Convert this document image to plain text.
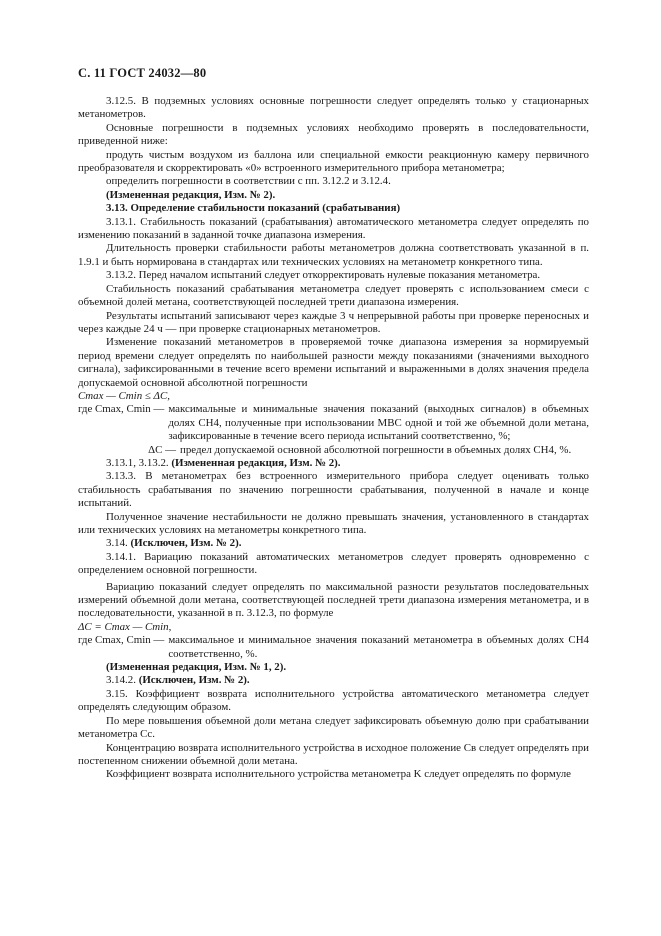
С. 11 ГОСТ 24032—80

3.12.5. В подземных условиях основные погрешности следует определять только у стационарных метанометров.

Основные погрешности в подземных условиях необходимо проверять в последовательности, приведенной ниже:

продуть чистым воздухом из баллона или специальной емкости реакционную камеру первичного преобразователя и скорректировать «0» встроенного измерительного прибора метанометра;

определить погрешности в соответствии с пп. 3.12.2 и 3.12.4.

(Измененная редакция, Изм. № 2).

3.13. Определение стабильности показаний (срабатывания)

3.13.1. Стабильность показаний (срабатывания) автоматического метанометра следует определять по изменению показаний в заданной точке диапазона измерения.

Длительность проверки стабильности работы метанометров должна соответствовать указанной в п. 1.9.1 и быть нормирована в стандартах или технических условиях на метанометр конкретного типа.

3.13.2. Перед началом испытаний следует откорректировать нулевые показания метанометра.

Стабильность показаний срабатывания метанометра следует проверять с использованием смеси с объемной долей метана, соответствующей последней трети диапазона измерения.

Результаты испытаний записывают через каждые 3 ч непрерывной работы при проверке переносных и через каждые 24 ч — при проверке стационарных метанометров.

Изменение показаний метанометров в проверяемой точке диапазона измерения за нормируемый период времени следует определять по наибольшей разности между показаниями (значениями выходного сигнала), зафиксированными в течение всего времени испытаний и выраженными в долях значения предела допускаемой основной абсолютной погрешности

Cmax — Cmin ≤ ΔC,

где Cmax, Cmin — максимальные и минимальные значения показаний (выходных сигналов) в объемных долях CH4, полученные при использовании МВС одной и той же объемной доли метана, зафиксированные в течение всего периода испытаний соответственно, %;
ΔC — предел допускаемой основной абсолютной погрешности в объемных долях CH4, %.

3.13.1, 3.13.2. (Измененная редакция, Изм. № 2).

3.13.3. В метанометрах без встроенного измерительного прибора следует оценивать только стабильность срабатывания по значению погрешности срабатывания, полученной в начале и конце испытаний.

Полученное значение нестабильности не должно превышать значения, установленного в стандартах или технических условиях на метанометры конкретного типа.

3.14. (Исключен, Изм. № 2).

3.14.1. Вариацию показаний автоматических метанометров следует проверять одновременно с определением основной погрешности.

Вариацию показаний следует определять по максимальной разности результатов последовательных измерений объемной доли метана, соответствующей последней трети диапазона измерения метанометра, и в последовательности, указанной в п. 3.12.3, по формуле

ΔC = Cmax — Cmin,

где Cmax, Cmin — максимальное и минимальное значения показаний метанометра в объемных долях CH4 соответственно, %.

(Измененная редакция, Изм. № 1, 2).

3.14.2. (Исключен, Изм. № 2).

3.15. Коэффициент возврата исполнительного устройства автоматического метанометра следует определять следующим образом.

По мере повышения объемной доли метана следует зафиксировать объемную долю при срабатывании метанометра Cc.

Концентрацию возврата исполнительного устройства в исходное положение Cв следует определять при постепенном снижении объемной доли метана.

Коэффициент возврата исполнительного устройства метанометра K следует определять по формуле
